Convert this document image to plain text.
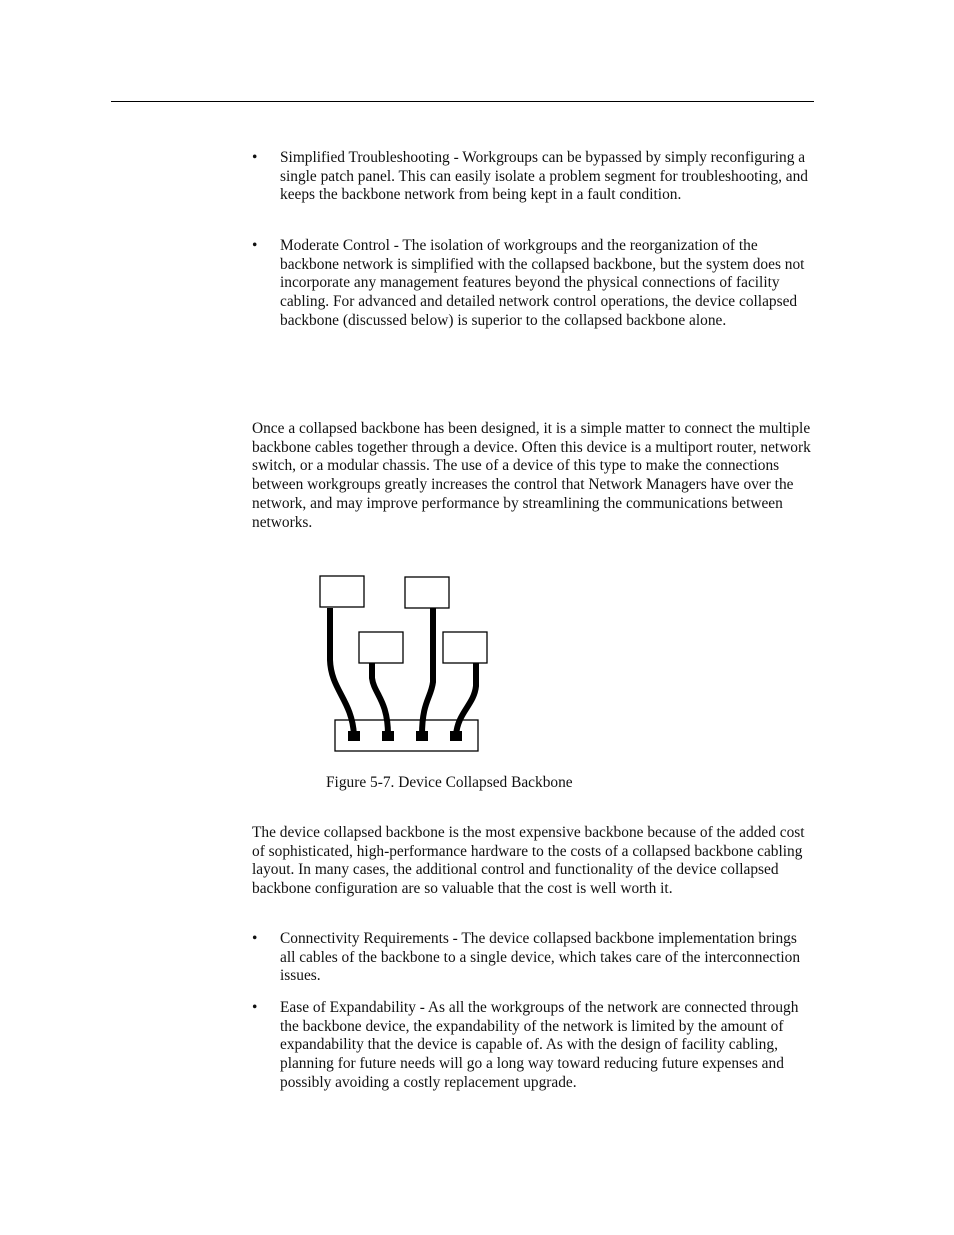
•	Simplified Troubleshooting - Workgroups can be bypassed by simply reconfiguring a single patch panel. This can easily isolate a problem segment for troubleshooting, and keeps the backbone network from being kept in a fault condition.
•	Moderate Control - The isolation of workgroups and the reorganization of the backbone network is simplified with the collapsed backbone, but the system does not incorporate any management features beyond the physical connections of facility cabling. For advanced and detailed network control operations, the device collapsed backbone (discussed below) is superior to the collapsed backbone alone.
Once a collapsed backbone has been designed, it is a simple matter to connect the multiple backbone cables together through a device. Often this device is a multiport router, network switch, or a modular chassis. The use of a device of this type to make the connections between workgroups greatly increases the control that Network Managers have over the network, and may improve performance by streamlining the communications between networks.
Figure 5-7. Device Collapsed Backbone
The device collapsed backbone is the most expensive backbone because of the added cost of sophisticated, high-performance hardware to the costs of a collapsed backbone cabling layout. In many cases, the additional control and functionality of the device collapsed backbone configuration are so valuable that the cost is well worth it.
•	Connectivity Requirements - The device collapsed backbone implementation brings all cables of the backbone to a single device, which takes care of the interconnection issues.
•	Ease of Expandability - As all the workgroups of the network are connected through the backbone device, the expandability of the network is limited by the amount of expandability that the device is capable of. As with the design of facility cabling, planning for future needs will go a long way toward reducing future expenses and possibly avoiding a costly replacement upgrade.
